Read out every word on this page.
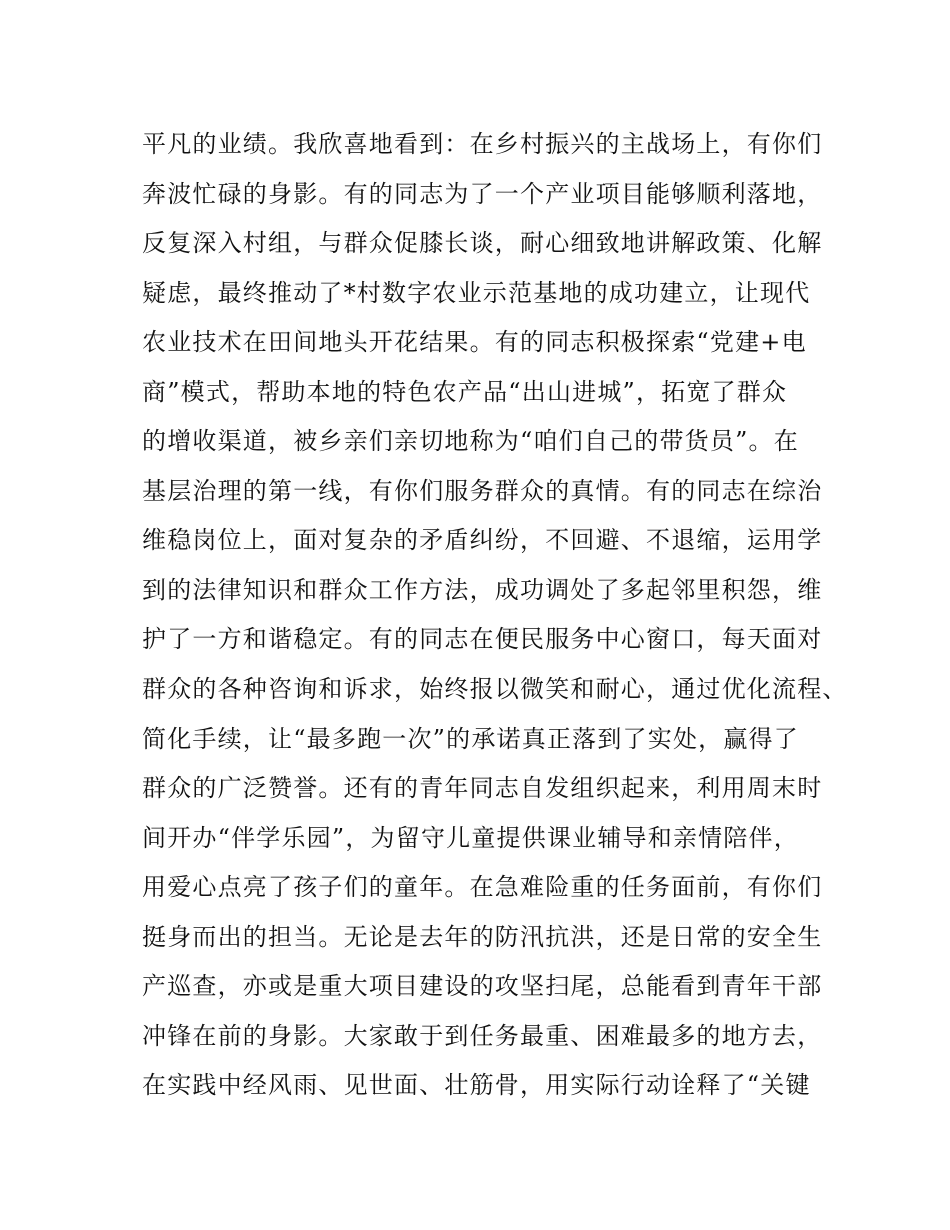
平凡的业绩。我欣喜地看到：在乡村振兴的主战场上，有你们
奔波忙碌的身影。有的同志为了一个产业项目能够顺利落地，
反复深入村组，与群众促膝长谈，耐心细致地讲解政策、化解
疑虑，最终推动了*村数字农业示范基地的成功建立，让现代
农业技术在田间地头开花结果。有的同志积极探索“党建+电
商”模式，帮助本地的特色农产品“出山进城”，拓宽了群众
的增收渠道，被乡亲们亲切地称为“咱们自己的带货员”。在
基层治理的第一线，有你们服务群众的真情。有的同志在综治
维稳岗位上，面对复杂的矛盾纠纷，不回避、不退缩，运用学
到的法律知识和群众工作方法，成功调处了多起邻里积怨，维
护了一方和谐稳定。有的同志在便民服务中心窗口，每天面对
群众的各种咨询和诉求，始终报以微笑和耐心，通过优化流程、
简化手续，让“最多跑一次”的承诺真正落到了实处，赢得了
群众的广泛赞誉。还有的青年同志自发组织起来，利用周末时
间开办“伴学乐园”，为留守儿童提供课业辅导和亲情陪伴，
用爱心点亮了孩子们的童年。在急难险重的任务面前，有你们
挺身而出的担当。无论是去年的防汛抗洪，还是日常的安全生
产巡查，亦或是重大项目建设的攻坚扫尾，总能看到青年干部
冲锋在前的身影。大家敢于到任务最重、困难最多的地方去，
在实践中经风雨、见世面、壮筋骨，用实际行动诠释了“关键
